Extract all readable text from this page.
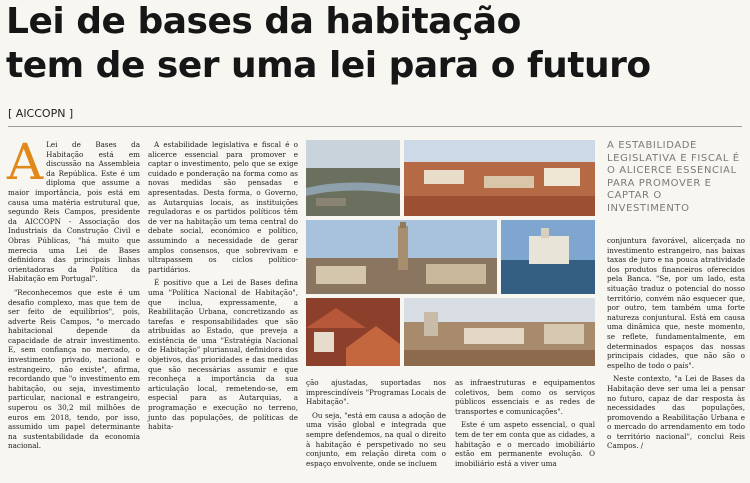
Lei de bases da habitação
tem de ser uma lei para o futuro
[ AICCOPN ]
A Lei de Bases da Habitação está em discussão na Assembleia da República. Este é um diploma que assume a maior importância, pois está em causa uma matéria estrutural que, segundo Reis Campos, presidente da AICCOPN - Associação dos Industriais da Construção Civil e Obras Públicas, "há muito que merecia uma Lei de Bases definidora das principais linhas orientadoras da Política da Habitação em Portugal".

"Reconhecemos que este é um desafio complexo, mas que tem de ser feito de equilíbrios", pois, adverte Reis Campos, "o mercado habitacional depende da capacidade de atrair investimento. E, sem confiança no mercado, o investimento privado, nacional e estrangeiro, não existe", afirma, recordando que "o investimento em habitação, ou seja, investimento particular, nacional e estrangeiro, superou os 30,2 mil milhões de euros em 2018, tendo, por isso, assumido um papel determinante na sustentabilidade da economia nacional.

A estabilidade legislativa e fiscal é o alicerce essencial para promover e captar o investimento, pelo que se exige cuidado e ponderação na forma como as novas medidas são pensadas e apresentadas. Desta forma, o Governo, as Autarquias locais, as instituições reguladoras e os partidos políticos têm de ver na habitação um tema central do debate social, económico e político, assumindo a necessidade de gerar amplos consensos, que sobrevivam e ultrapassem os ciclos político-partidários.

É positivo que a Lei de Bases defina uma "Política Nacional de Habitação", que inclua, expressamente, a Reabilitação Urbana, concretizando as tarefas e responsabilidades que são atribuídas ao Estado, que preveja a existência de uma "Estratégia Nacional de Habitação" plurianual, definidora dos objetivos, das prioridades e das medidas que são necessárias assumir e que reconheça a importância da sua articulação local, remetendo-se, em especial para as Autarquias, a programação e execução no terreno, junto das populações, de políticas de habita-

ção ajustadas, suportadas nos imprescindíveis "Programas Locais de Habitação".

Ou seja, "está em causa a adoção de uma visão global e integrada que sempre defendemos, na qual o direito à habitação é perspetivado no seu conjunto, em relação direta com o espaço envolvente, onde se incluem

as infraestruturas e equipamentos coletivos, bem como os serviços públicos essenciais e as redes de transportes e comunicações".

Este é um aspeto essencial, o qual tem de ter em conta que as cidades, a habitação e o mercado imobiliário estão em permanente evolução. O imobiliário está a viver uma

A ESTABILIDADE LEGISLATIVA E FISCAL É O ALICERCE ESSENCIAL PARA PROMOVER E CAPTAR O INVESTIMENTO

conjuntura favorável, alicerçada no investimento estrangeiro, nas baixas taxas de juro e na pouca atratividade dos produtos financeiros oferecidos pela Banca. "Se, por um lado, esta situação traduz o potencial do nosso território, convém não esquecer que, por outro, tem também uma forte natureza conjuntural. Está em causa uma dinâmica que, neste momento, se reflete, fundamentalmente, em determinados espaços das nossas principais cidades, que não são o espelho de todo o país".

Neste contexto, "a Lei de Bases da Habitação deve ser uma lei a pensar no futuro, capaz de dar resposta às necessidades das populações, promovendo a Reabilitação Urbana e o mercado do arrendamento em todo o território nacional", conclui Reis Campos. /
